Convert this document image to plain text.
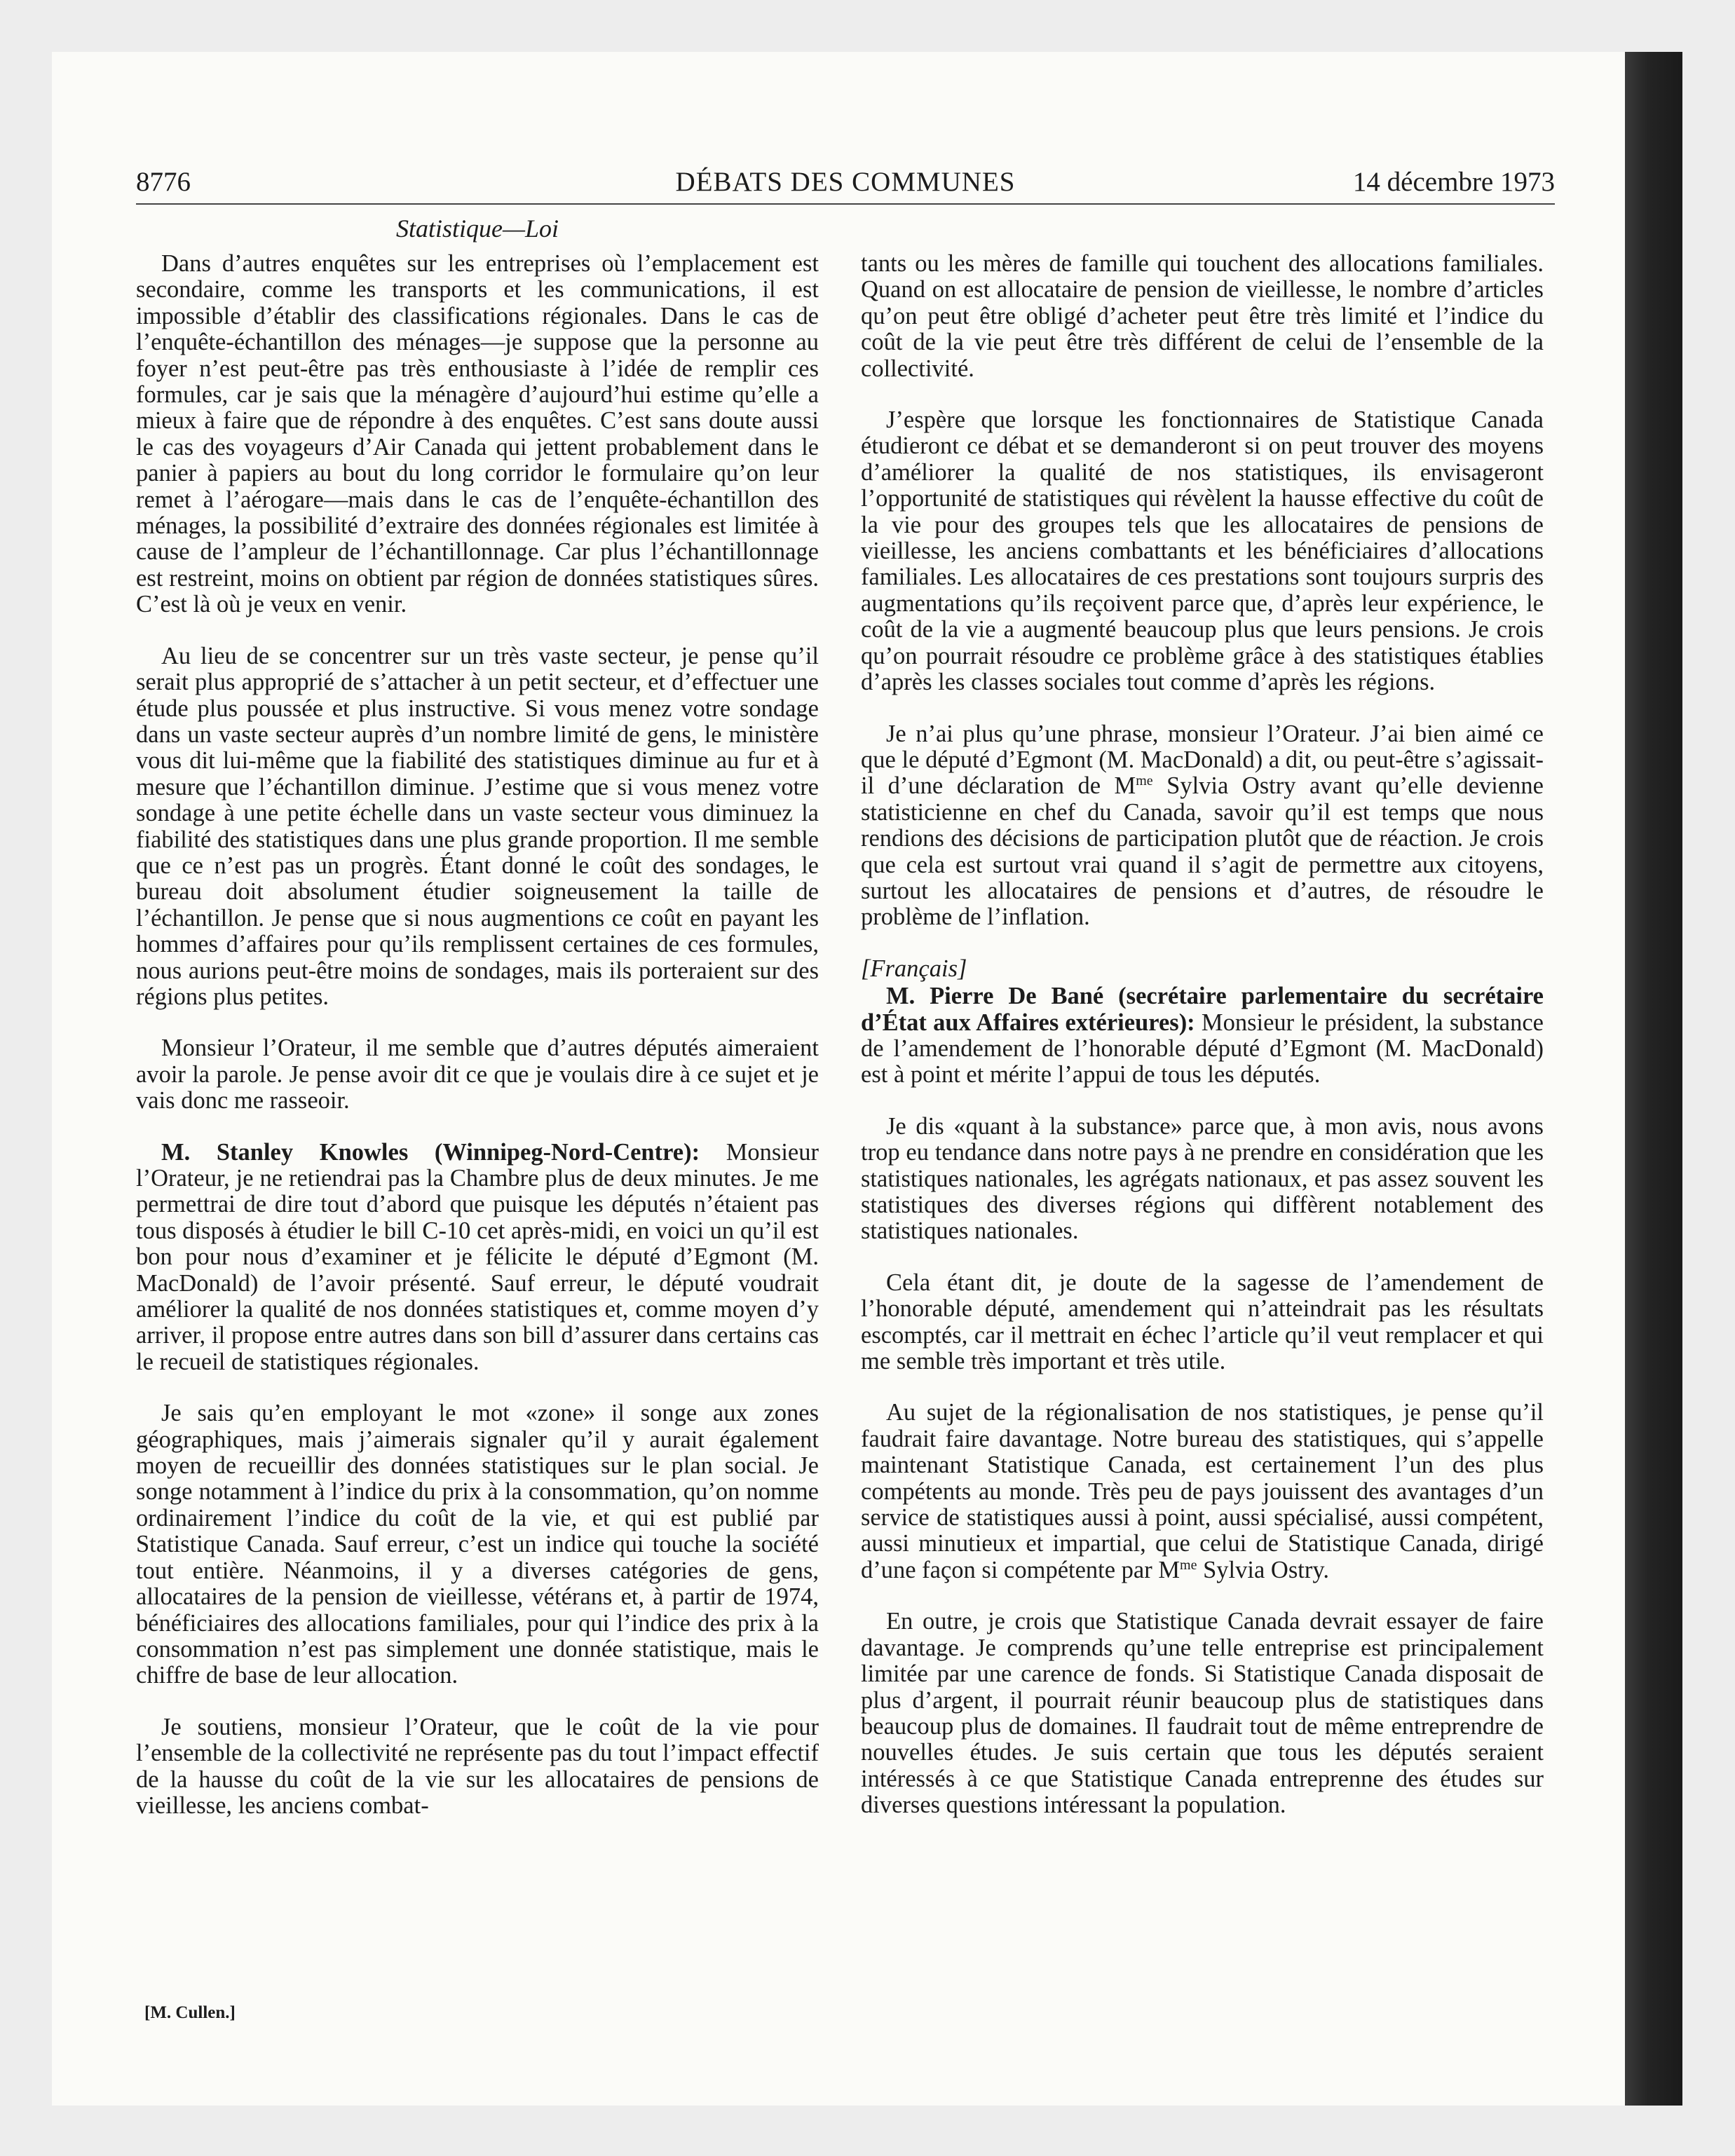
8776	DÉBATS DES COMMUNES	14 décembre 1973
Statistique—Loi

Dans d’autres enquêtes sur les entreprises où l’emplacement est secondaire, comme les transports et les communications, il est impossible d’établir des classifications régionales. Dans le cas de l’enquête-échantillon des ménages—je suppose que la personne au foyer n’est peut-être pas très enthousiaste à l’idée de remplir ces formules, car je sais que la ménagère d’aujourd’hui estime qu’elle a mieux à faire que de répondre à des enquêtes. C’est sans doute aussi le cas des voyageurs d’Air Canada qui jettent probablement dans le panier à papiers au bout du long corridor le formulaire qu’on leur remet à l’aérogare—mais dans le cas de l’enquête-échantillon des ménages, la possibilité d’extraire des données régionales est limitée à cause de l’ampleur de l’échantillonnage. Car plus l’échantillonnage est restreint, moins on obtient par région de données statistiques sûres. C’est là où je veux en venir.

Au lieu de se concentrer sur un très vaste secteur, je pense qu’il serait plus approprié de s’attacher à un petit secteur, et d’effectuer une étude plus poussée et plus instructive. Si vous menez votre sondage dans un vaste secteur auprès d’un nombre limité de gens, le ministère vous dit lui-même que la fiabilité des statistiques diminue au fur et à mesure que l’échantillon diminue. J’estime que si vous menez votre sondage à une petite échelle dans un vaste secteur vous diminuez la fiabilité des statistiques dans une plus grande proportion. Il me semble que ce n’est pas un progrès. Étant donné le coût des sondages, le bureau doit absolument étudier soigneusement la taille de l’échantillon. Je pense que si nous augmentions ce coût en payant les hommes d’affaires pour qu’ils remplissent certaines de ces formules, nous aurions peut-être moins de sondages, mais ils porteraient sur des régions plus petites.

Monsieur l’Orateur, il me semble que d’autres députés aimeraient avoir la parole. Je pense avoir dit ce que je voulais dire à ce sujet et je vais donc me rasseoir.

M. Stanley Knowles (Winnipeg-Nord-Centre): Monsieur l’Orateur, je ne retiendrai pas la Chambre plus de deux minutes. Je me permettrai de dire tout d’abord que puisque les députés n’étaient pas tous disposés à étudier le bill C-10 cet après-midi, en voici un qu’il est bon pour nous d’examiner et je félicite le député d’Egmont (M. MacDonald) de l’avoir présenté. Sauf erreur, le député voudrait améliorer la qualité de nos données statistiques et, comme moyen d’y arriver, il propose entre autres dans son bill d’assurer dans certains cas le recueil de statistiques régionales.

Je sais qu’en employant le mot «zone» il songe aux zones géographiques, mais j’aimerais signaler qu’il y aurait également moyen de recueillir des données statistiques sur le plan social. Je songe notamment à l’indice du prix à la consommation, qu’on nomme ordinairement l’indice du coût de la vie, et qui est publié par Statistique Canada. Sauf erreur, c’est un indice qui touche la société tout entière. Néanmoins, il y a diverses catégories de gens, allocataires de la pension de vieillesse, vétérans et, à partir de 1974, bénéficiaires des allocations familiales, pour qui l’indice des prix à la consommation n’est pas simplement une donnée statistique, mais le chiffre de base de leur allocation.

Je soutiens, monsieur l’Orateur, que le coût de la vie pour l’ensemble de la collectivité ne représente pas du tout l’impact effectif de la hausse du coût de la vie sur les allocataires de pensions de vieillesse, les anciens combat-

tants ou les mères de famille qui touchent des allocations familiales. Quand on est allocataire de pension de vieillesse, le nombre d’articles qu’on peut être obligé d’acheter peut être très limité et l’indice du coût de la vie peut être très différent de celui de l’ensemble de la collectivité.

J’espère que lorsque les fonctionnaires de Statistique Canada étudieront ce débat et se demanderont si on peut trouver des moyens d’améliorer la qualité de nos statistiques, ils envisageront l’opportunité de statistiques qui révèlent la hausse effective du coût de la vie pour des groupes tels que les allocataires de pensions de vieillesse, les anciens combattants et les bénéficiaires d’allocations familiales. Les allocataires de ces prestations sont toujours surpris des augmentations qu’ils reçoivent parce que, d’après leur expérience, le coût de la vie a augmenté beaucoup plus que leurs pensions. Je crois qu’on pourrait résoudre ce problème grâce à des statistiques établies d’après les classes sociales tout comme d’après les régions.

Je n’ai plus qu’une phrase, monsieur l’Orateur. J’ai bien aimé ce que le député d’Egmont (M. MacDonald) a dit, ou peut-être s’agissait-il d’une déclaration de $M^{me}$ Sylvia Ostry avant qu’elle devienne statisticienne en chef du Canada, savoir qu’il est temps que nous rendions des décisions de participation plutôt que de réaction. Je crois que cela est surtout vrai quand il s’agit de permettre aux citoyens, surtout les allocataires de pensions et d’autres, de résoudre le problème de l’inflation.

[Français]

M. Pierre De Bané (secrétaire parlementaire du secrétaire d’État aux Affaires extérieures): Monsieur le président, la substance de l’amendement de l’honorable député d’Egmont (M. MacDonald) est à point et mérite l’appui de tous les députés.

Je dis «quant à la substance» parce que, à mon avis, nous avons trop eu tendance dans notre pays à ne prendre en considération que les statistiques nationales, les agrégats nationaux, et pas assez souvent les statistiques des diverses régions qui diffèrent notablement des statistiques nationales.

Cela étant dit, je doute de la sagesse de l’amendement de l’honorable député, amendement qui n’atteindrait pas les résultats escomptés, car il mettrait en échec l’article qu’il veut remplacer et qui me semble très important et très utile.

Au sujet de la régionalisation de nos statistiques, je pense qu’il faudrait faire davantage. Notre bureau des statistiques, qui s’appelle maintenant Statistique Canada, est certainement l’un des plus compétents au monde. Très peu de pays jouissent des avantages d’un service de statistiques aussi à point, aussi spécialisé, aussi compétent, aussi minutieux et impartial, que celui de Statistique Canada, dirigé d’une façon si compétente par $M^{me}$ Sylvia Ostry.

En outre, je crois que Statistique Canada devrait essayer de faire davantage. Je comprends qu’une telle entreprise est principalement limitée par une carence de fonds. Si Statistique Canada disposait de plus d’argent, il pourrait réunir beaucoup plus de statistiques dans beaucoup plus de domaines. Il faudrait tout de même entreprendre de nouvelles études. Je suis certain que tous les députés seraient intéressés à ce que Statistique Canada entreprenne des études sur diverses questions intéressant la population.

[M. Cullen.]
